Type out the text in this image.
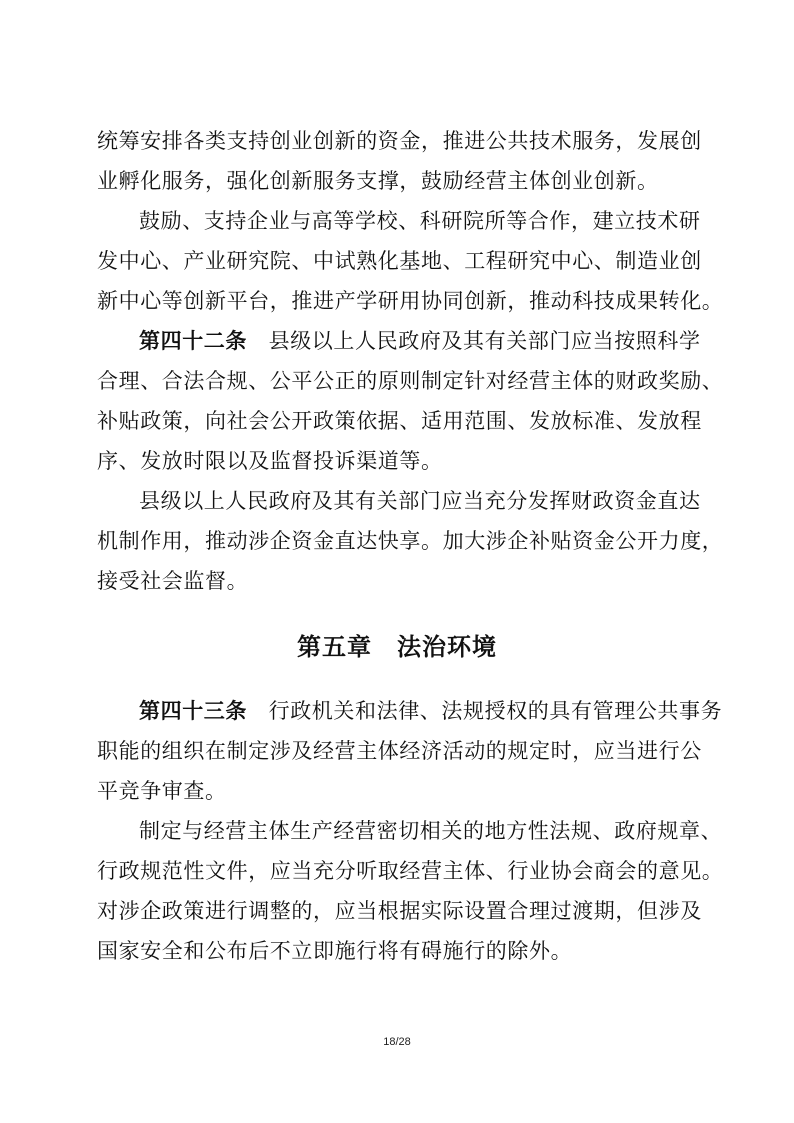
统筹安排各类支持创业创新的资金，推进公共技术服务，发展创
业孵化服务，强化创新服务支撑，鼓励经营主体创业创新。
鼓励、支持企业与高等学校、科研院所等合作，建立技术研
发中心、产业研究院、中试熟化基地、工程研究中心、制造业创
新中心等创新平台，推进产学研用协同创新，推动科技成果转化。
第四十二条　 县级以上人民政府及其有关部门应当按照科学
合理、合法合规、公平公正的原则制定针对经营主体的财政奖励、
补贴政策，向社会公开政策依据、适用范围、发放标准、发放程
序、发放时限以及监督投诉渠道等。
县级以上人民政府及其有关部门应当充分发挥财政资金直达
机制作用，推动涉企资金直达快享。加大涉企补贴资金公开力度，
接受社会监督。
第五章　法治环境
第四十三条　 行政机关和法律、法规授权的具有管理公共事务
职能的组织在制定涉及经营主体经济活动的规定时，应当进行公
平竞争审查。
制定与经营主体生产经营密切相关的地方性法规、政府规章、
行政规范性文件，应当充分听取经营主体、行业协会商会的意见。
对涉企政策进行调整的，应当根据实际设置合理过渡期，但涉及
国家安全和公布后不立即施行将有碍施行的除外。
18/28
